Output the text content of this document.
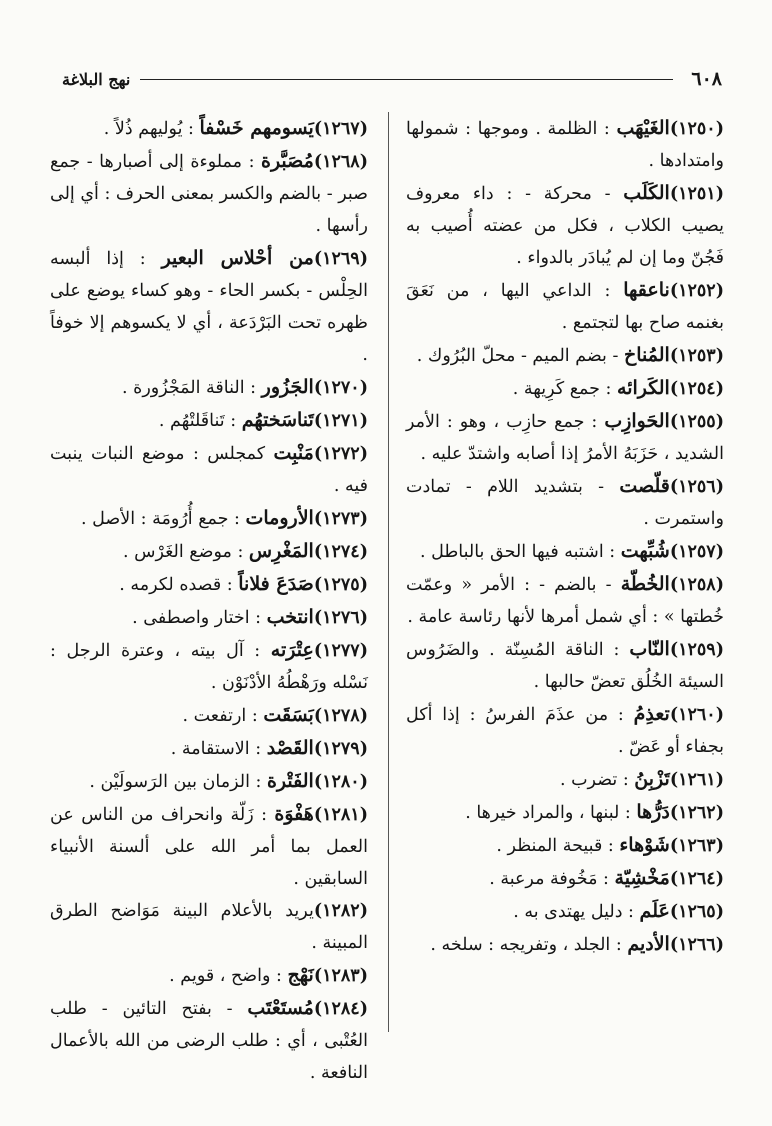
٦٠٨
نهج البلاغة

(١٢٥٠)الغَيْهَب : الظلمة . وموجها : شمولها وامتدادها .

(١٢٥١)الكَلَب - محركة - : داء معروف يصيب الكلاب ، فكل من عضته أُصيب به فَجُنّ وما إن لم يُبادَر بالدواء .

(١٢٥٢)ناعقها : الداعي اليها ، من نَعَقَ بغنمه صاح بها لتجتمع .

(١٢٥٣)المُناخ - بضم الميم - محلّ البُرُوك .

(١٢٥٤)الكَرائه : جمع كَرِيهة .

(١٢٥٥)الحَوازِب : جمع حازِب ، وهو : الأمر الشديد ، حَزَبَهُ الأمرُ إذا أصابه واشتدّ عليه .

(١٢٥٦)قلّصت - بتشديد اللام - تمادت واستمرت .

(١٢٥٧)شُبِّهت : اشتبه فيها الحق بالباطل .

(١٢٥٨)الخُطّة - بالضم - : الأمر « وعمّت خُطتها » : أي شمل أمرها لأنها رئاسة عامة .

(١٢٥٩)النّاب : الناقة المُسِنّة . والضَرُوس السيئة الخُلُق تعضّ حالبها .

(١٢٦٠)تعذِمُ : من عذَمَ الفرسُ : إذا أكل بجفاء أو عَضّ .

(١٢٦١)تَزْبِنُ : تضرب .

(١٢٦٢)دَرُّها : لبنها ، والمراد خيرها .

(١٢٦٣)شَوْهاء : قبيحة المنظر .

(١٢٦٤)مَخْشِيّة : مَخُوفة مرعبة .

(١٢٦٥)عَلَم : دليل يهتدى به .

(١٢٦٦)الأديم : الجلد ، وتفريجه : سلخه .

(١٢٦٧)يَسومهم خَسْفاً : يُوليهم ذُلاً .

(١٢٦٨)مُصَبَّرة : مملوءة إلى أصبارها - جمع صبر - بالضم والكسر بمعنى الحرف : أي إلى رأسها .

(١٢٦٩)من أحْلاس البعير : إذا ألبسه الحِلْس - بكسر الحاء - وهو كساء يوضع على ظهره تحت البَرْدَعة ، أي لا يكسوهم إلا خوفاً .

(١٢٧٠)الجَزُور : الناقة المَجْزُورة .

(١٢٧١)تَناسَختهُم : تَناقَلتْهُم .

(١٢٧٢)مَنْبِت كمجلس : موضع النبات ينبت فيه .

(١٢٧٣)الأرومات : جمع أُرُومَة : الأصل .

(١٢٧٤)المَغْرِس : موضع الغَرْس .

(١٢٧٥)صَدَعَ فلاناً : قصده لكرمه .

(١٢٧٦)انتخب : اختار واصطفى .

(١٢٧٧)عِتْرَته : آل بيته ، وعترة الرجل : نَسْله ورَهْطُهُ الأدْنَوْن .

(١٢٧٨)بَسَقَت : ارتفعت .

(١٢٧٩)القَصْد : الاستقامة .

(١٢٨٠)الفَتْرة : الزمان بين الرَسولَيْن .

(١٢٨١)هَفْوَة : زَلّة وانحراف من الناس عن العمل بما أمر الله على ألسنة الأنبياء السابقين .

(١٢٨٢)يريد بالأعلام البينة مَوَاضح الطرق المبينة .

(١٢٨٣)نَهْج : واضح ، قويم .

(١٢٨٤)مُستَعْتَب - بفتح التائين - طلب العُتْبى ، أي : طلب الرضى من الله بالأعمال النافعة .
